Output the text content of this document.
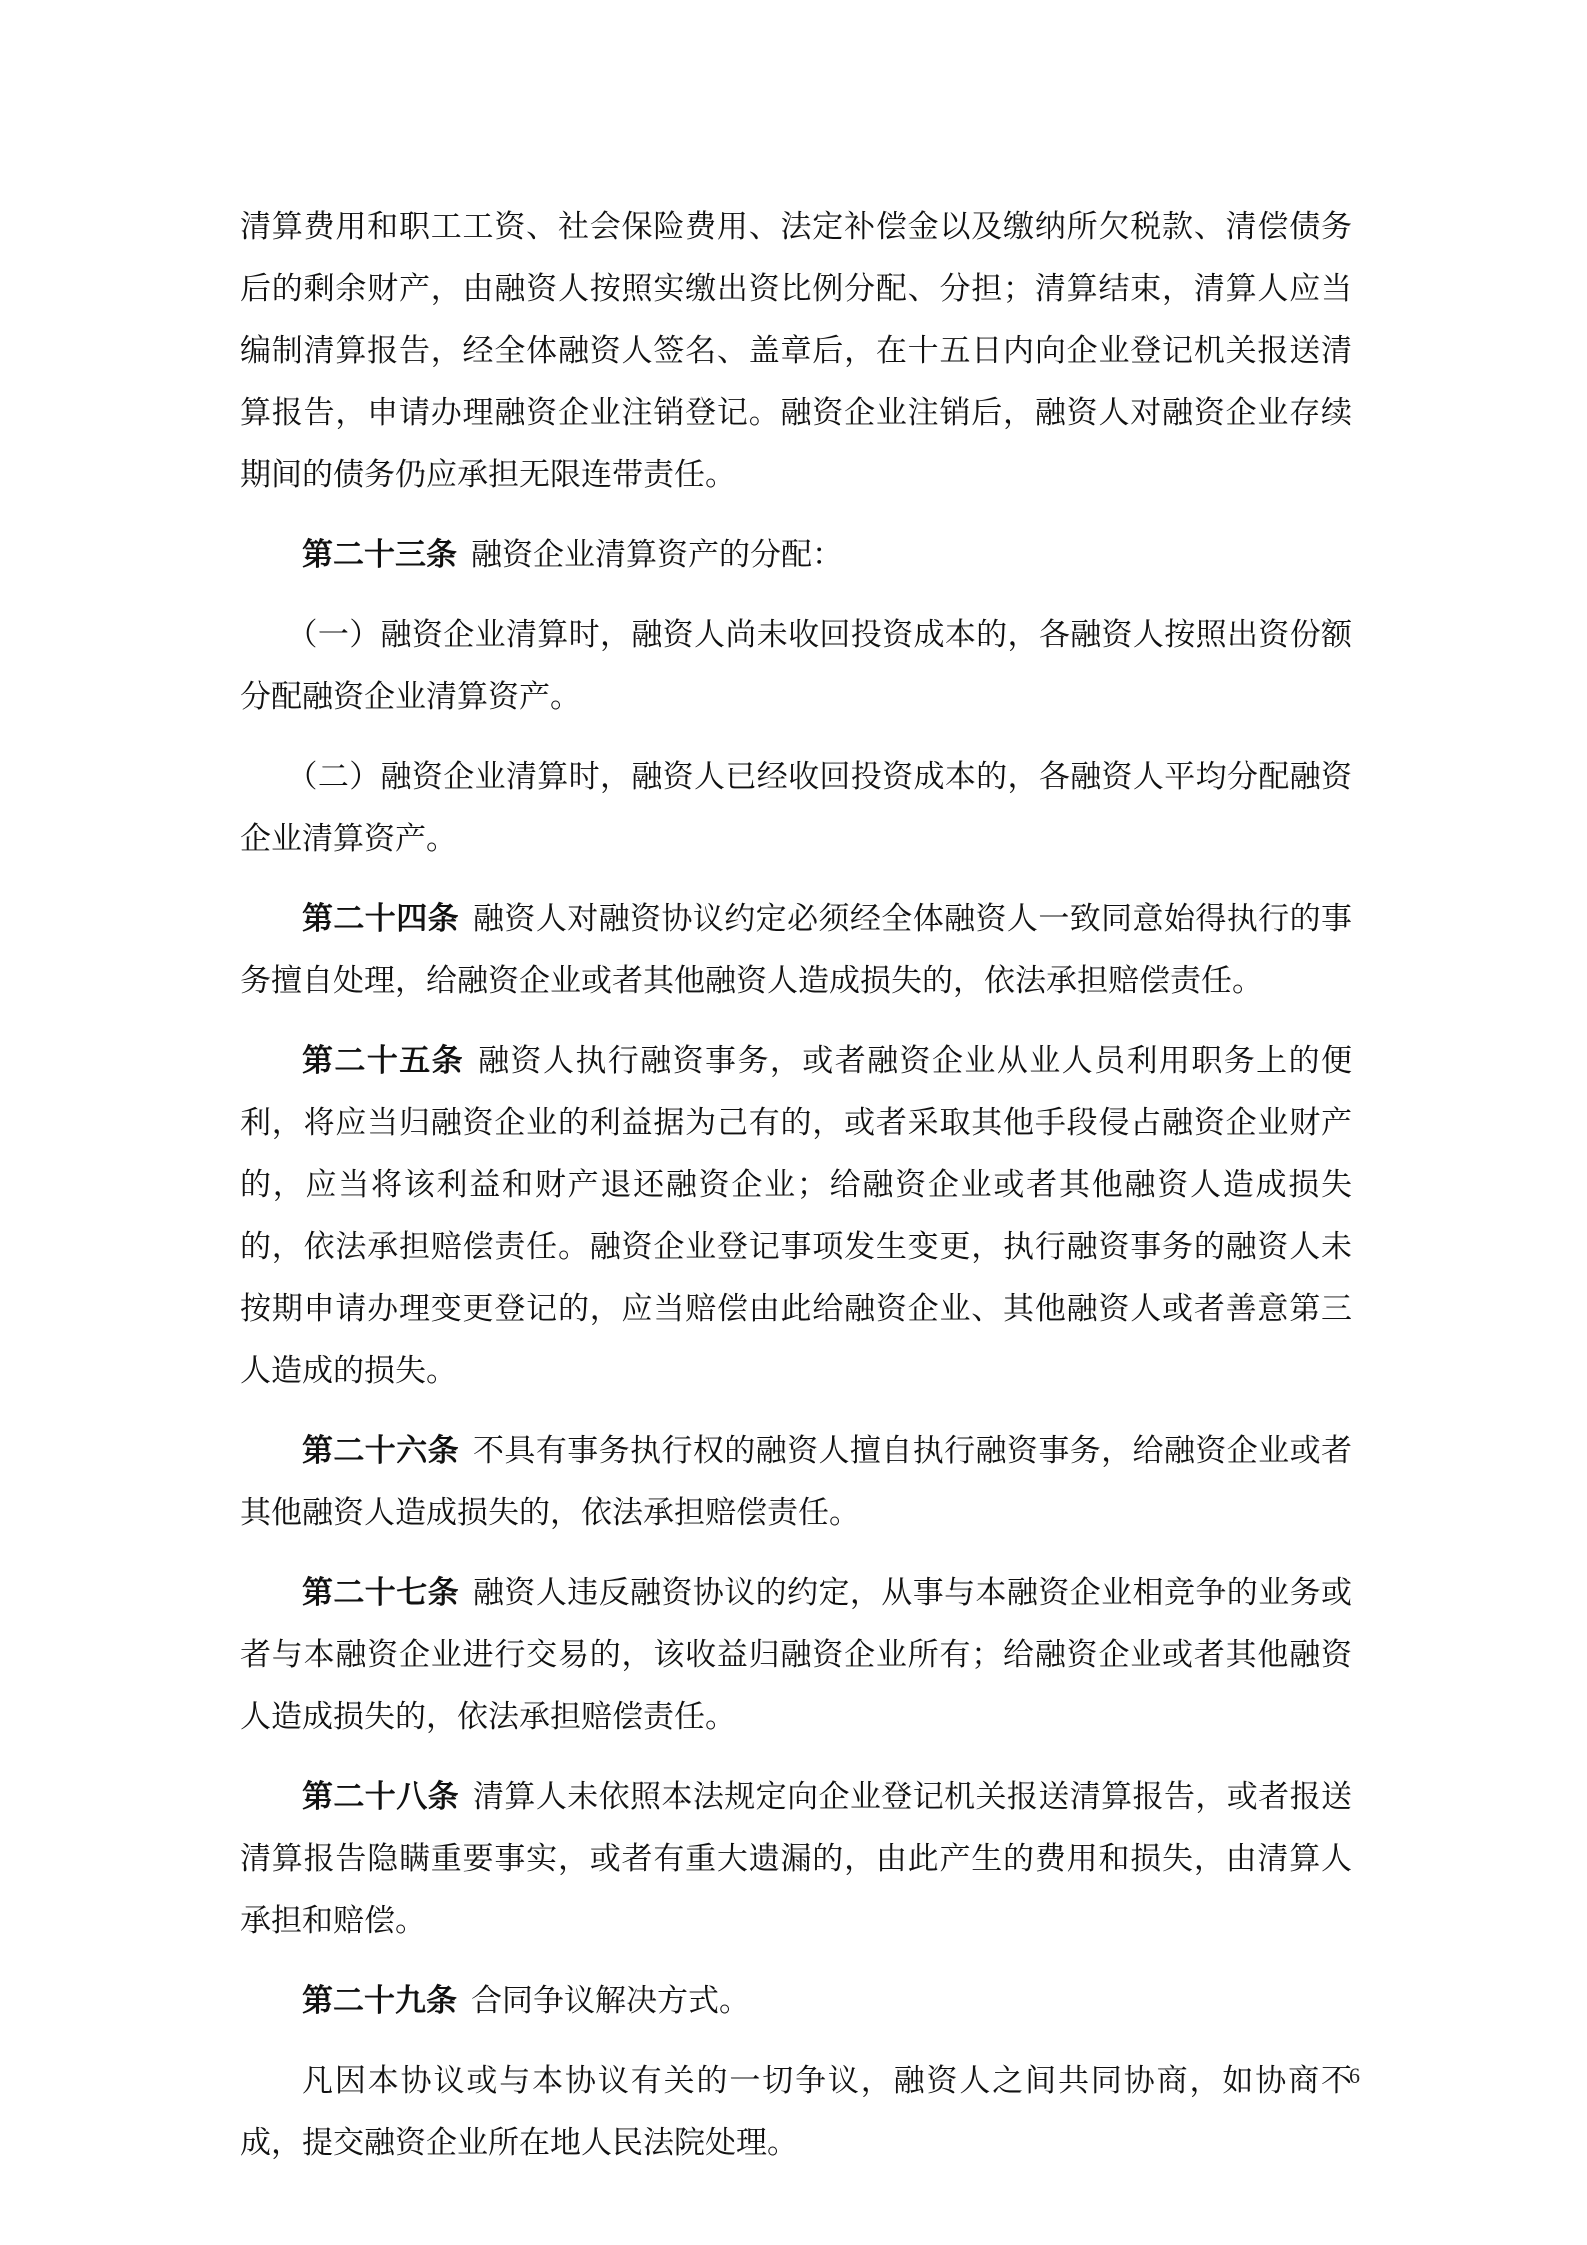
清算费用和职工工资、社会保险费用、法定补偿金以及缴纳所欠税款、清偿债务后的剩余财产，由融资人按照实缴出资比例分配、分担；清算结束，清算人应当编制清算报告，经全体融资人签名、盖章后，在十五日内向企业登记机关报送清算报告，申请办理融资企业注销登记。融资企业注销后，融资人对融资企业存续期间的债务仍应承担无限连带责任。

第二十三条 融资企业清算资产的分配：

（一）融资企业清算时，融资人尚未收回投资成本的，各融资人按照出资份额分配融资企业清算资产。

（二）融资企业清算时，融资人已经收回投资成本的，各融资人平均分配融资企业清算资产。

第二十四条 融资人对融资协议约定必须经全体融资人一致同意始得执行的事务擅自处理，给融资企业或者其他融资人造成损失的，依法承担赔偿责任。

第二十五条 融资人执行融资事务，或者融资企业从业人员利用职务上的便利，将应当归融资企业的利益据为己有的，或者采取其他手段侵占融资企业财产的，应当将该利益和财产退还融资企业；给融资企业或者其他融资人造成损失的，依法承担赔偿责任。融资企业登记事项发生变更，执行融资事务的融资人未按期申请办理变更登记的，应当赔偿由此给融资企业、其他融资人或者善意第三人造成的损失。

第二十六条 不具有事务执行权的融资人擅自执行融资事务，给融资企业或者其他融资人造成损失的，依法承担赔偿责任。

第二十七条 融资人违反融资协议的约定，从事与本融资企业相竞争的业务或者与本融资企业进行交易的，该收益归融资企业所有；给融资企业或者其他融资人造成损失的，依法承担赔偿责任。

第二十八条 清算人未依照本法规定向企业登记机关报送清算报告，或者报送清算报告隐瞒重要事实，或者有重大遗漏的，由此产生的费用和损失，由清算人承担和赔偿。

第二十九条 合同争议解决方式。

凡因本协议或与本协议有关的一切争议，融资人之间共同协商，如协商不成，提交融资企业所在地人民法院处理。

6
